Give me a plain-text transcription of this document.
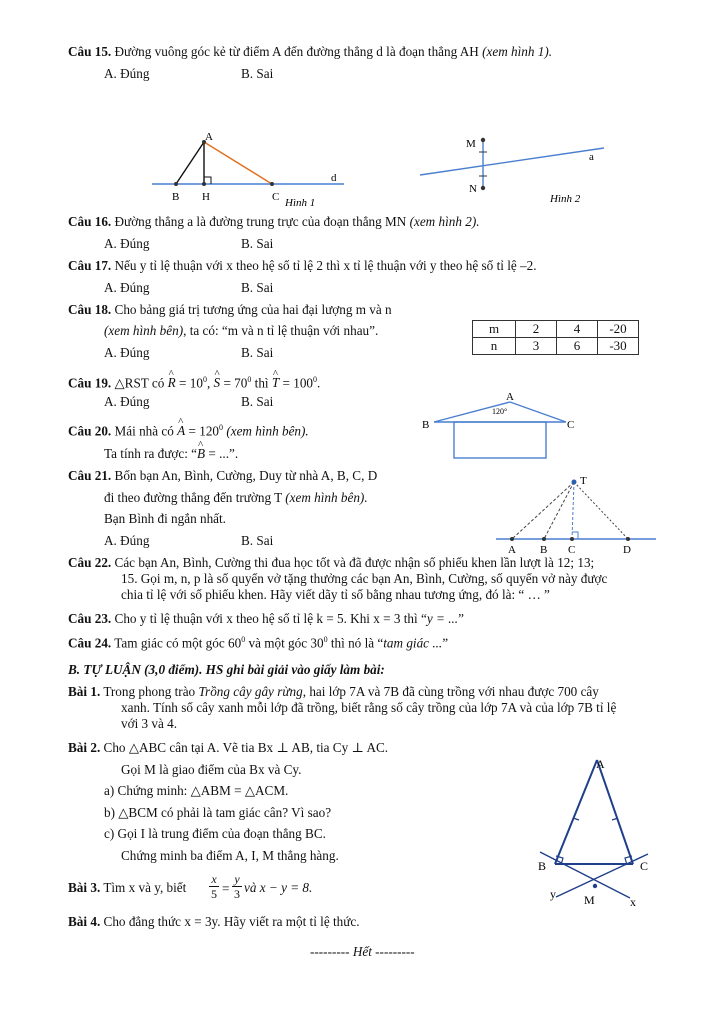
Câu 15. Đường vuông góc kẻ từ điểm A đến đường thẳng d là đoạn thẳng AH (xem hình 1).
A. Đúng	B. Sai
A
B H	C
d
Hình 1
M
N
a
Hình 2
Câu 16. Đường thẳng a là đường trung trực của đoạn thẳng MN (xem hình 2).
A. Đúng	B. Sai
Câu 17. Nếu y tỉ lệ thuận với x theo hệ số tỉ lệ 2 thì x tỉ lệ thuận với y theo hệ số tỉ lệ –2.
A. Đúng	B. Sai
Câu 18. Cho bảng giá trị tương ứng của hai đại lượng m và n
(xem hình bên), ta có: “m và n tỉ lệ thuận với nhau”.
A. Đúng	B. Sai
m	2	4	-20
n	3	6	-30
Câu 19. △RST có ^ $R = 10^0$, ^ $S = 70^0$ thì ^ $T = 100^0$.
A. Đúng	B. Sai
Câu 20. Mái nhà có ^ $A = 120^0$ (xem hình bên).
Ta tính ra được: “^ B = ...”.
A
B	C
120°
Câu 21. Bốn bạn An, Bình, Cường, Duy từ nhà A, B, C, D
đi theo đường thẳng đến trường T (xem hình bên).
Bạn Bình đi ngắn nhất.
A. Đúng	B. Sai
T
A B C	D
Câu 22. Các bạn An, Bình, Cường thi đua học tốt và đã được nhận số phiếu khen lần lượt là 12; 13;
15. Gọi m, n, p là số quyển vở tặng thưởng các bạn An, Bình, Cường, số quyển vở này được
chia tỉ lệ với số phiếu khen. Hãy viết dãy tỉ số bằng nhau tương ứng, đó là: “ … ”
Câu 23. Cho y tỉ lệ thuận với x theo hệ số tỉ lệ k = 5. Khi x = 3 thì “y = ...”
Câu 24. Tam giác có một góc $60^0$ và một góc $30^0$ thì nó là “tam giác ...”
B. TỰ LUẬN (3,0 điểm). HS ghi bài giải vào giấy làm bài:
Bài 1. Trong phong trào Trồng cây gây rừng, hai lớp 7A và 7B đã cùng trồng với nhau được 700 cây
xanh. Tính số cây xanh mỗi lớp đã trồng, biết rằng số cây trồng của lớp 7A và của lớp 7B tỉ lệ
với 3 và 4.
Bài 2. Cho △ABC cân tại A. Vẽ tia Bx ⊥ AB, tia Cy ⊥ AC.
Gọi M là giao điểm của Bx và Cy.
a) Chứng minh: △ABM = △ACM.
b) △BCM có phải là tam giác cân? Vì sao?
c) Gọi I là trung điểm của đoạn thẳng BC.
Chứng minh ba điểm A, I, M thẳng hàng.
A
B	C
M	x
y
Bài 3. Tìm x và y, biết $\frac{x}{5} = \frac{y}{3}$ và x − y = 8.
Bài 4. Cho đẳng thức x = 3y. Hãy viết ra một tỉ lệ thức.
--------- Hết ---------
